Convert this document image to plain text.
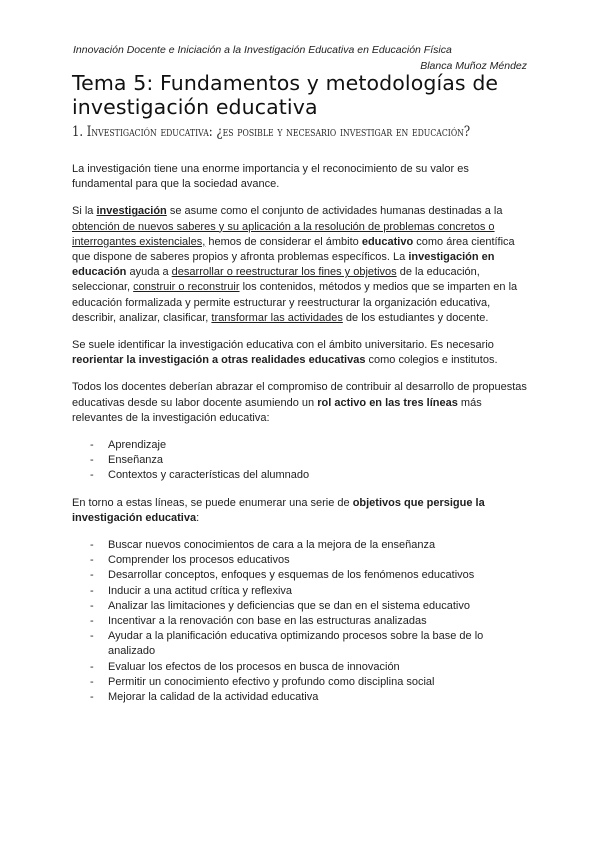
Innovación Docente e Iniciación a la Investigación Educativa en Educación Física
Blanca Muñoz Méndez
Tema 5: Fundamentos y metodologías de investigación educativa
1. Investigación educativa: ¿es posible y necesario investigar en educación?

La investigación tiene una enorme importancia y el reconocimiento de su valor es fundamental para que la sociedad avance.

Si la investigación se asume como el conjunto de actividades humanas destinadas a la obtención de nuevos saberes y su aplicación a la resolución de problemas concretos o interrogantes existenciales, hemos de considerar el ámbito educativo como área científica que dispone de saberes propios y afronta problemas específicos. La investigación en educación ayuda a desarrollar o reestructurar los fines y objetivos de la educación, seleccionar, construir o reconstruir los contenidos, métodos y medios que se imparten en la educación formalizada y permite estructurar y reestructurar la organización educativa, describir, analizar, clasificar, transformar las actividades de los estudiantes y docente.

Se suele identificar la investigación educativa con el ámbito universitario. Es necesario reorientar la investigación a otras realidades educativas como colegios e institutos.

Todos los docentes deberían abrazar el compromiso de contribuir al desarrollo de propuestas educativas desde su labor docente asumiendo un rol activo en las tres líneas más relevantes de la investigación educativa:

- Aprendizaje
- Enseñanza
- Contextos y características del alumnado

En torno a estas líneas, se puede enumerar una serie de objetivos que persigue la investigación educativa:

- Buscar nuevos conocimientos de cara a la mejora de la enseñanza
- Comprender los procesos educativos
- Desarrollar conceptos, enfoques y esquemas de los fenómenos educativos
- Inducir a una actitud crítica y reflexiva
- Analizar las limitaciones y deficiencias que se dan en el sistema educativo
- Incentivar a la renovación con base en las estructuras analizadas
- Ayudar a la planificación educativa optimizando procesos sobre la base de lo analizado
- Evaluar los efectos de los procesos en busca de innovación
- Permitir un conocimiento efectivo y profundo como disciplina social
- Mejorar la calidad de la actividad educativa
